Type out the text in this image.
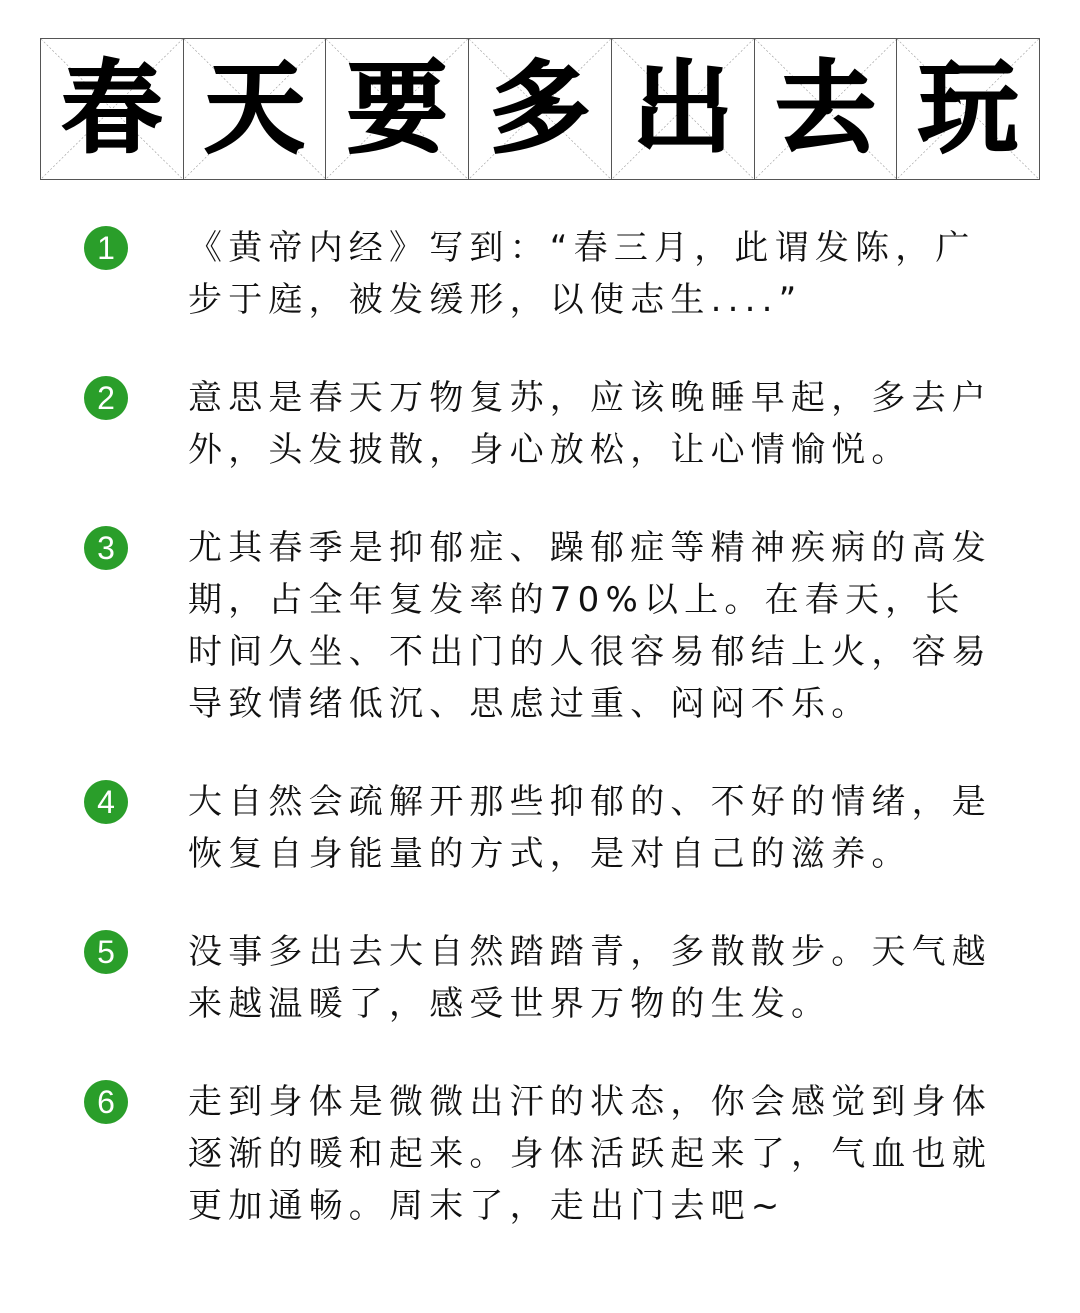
春 天 要 多 出 去 玩
1	《黄帝内经》写到：“春三月，此谓发陈，广步于庭，被发缓形，以使志生....”
2	意思是春天万物复苏，应该晚睡早起，多去户外，头发披散，身心放松，让心情愉悦。
3	尤其春季是抑郁症、躁郁症等精神疾病的高发期，占全年复发率的70%以上。在春天，长时间久坐、不出门的人很容易郁结上火，容易导致情绪低沉、思虑过重、闷闷不乐。
4	大自然会疏解开那些抑郁的、不好的情绪，是恢复自身能量的方式，是对自己的滋养。
5	没事多出去大自然踏踏青，多散散步。天气越来越温暖了，感受世界万物的生发。
6	走到身体是微微出汗的状态，你会感觉到身体逐渐的暖和起来。身体活跃起来了，气血也就更加通畅。周末了，走出门去吧~
